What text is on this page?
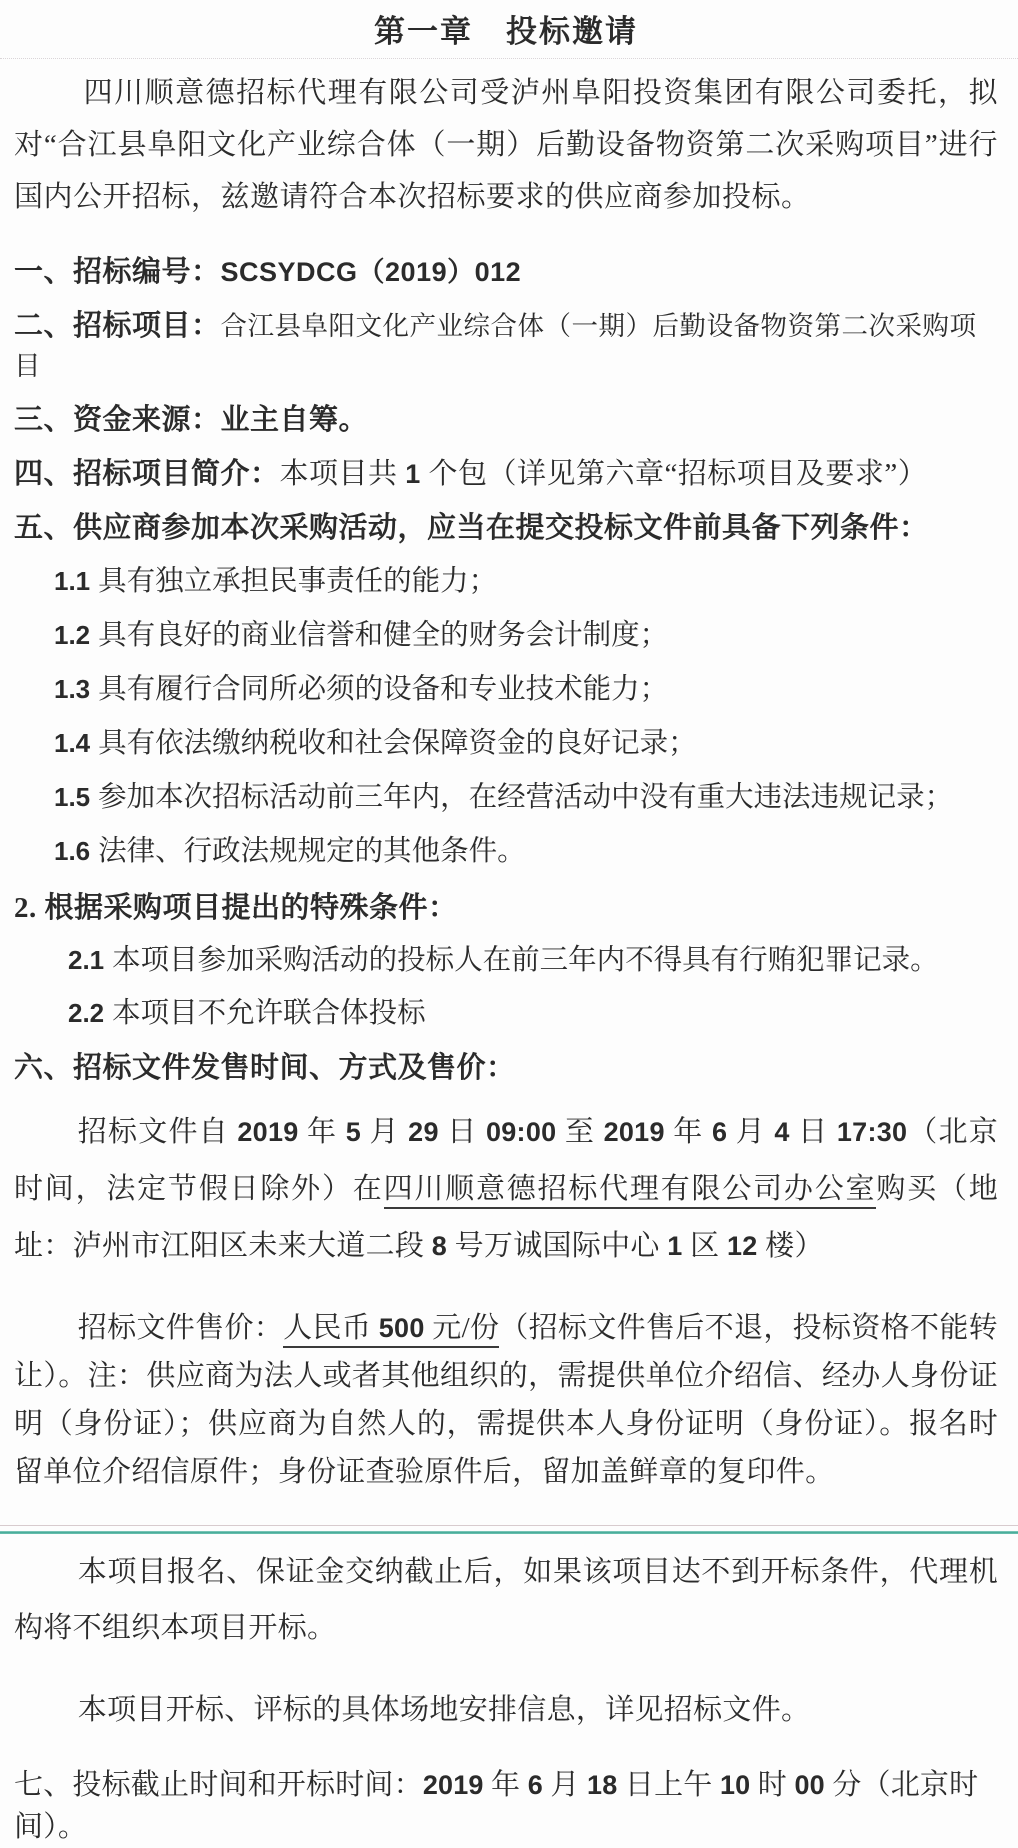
第一章　投标邀请

四川顺意德招标代理有限公司受泸州阜阳投资集团有限公司委托，拟对“合江县阜阳文化产业综合体（一期）后勤设备物资第二次采购项目”进行国内公开招标，兹邀请符合本次招标要求的供应商参加投标。

一、招标编号：SCSYDCG（2019）012
二、招标项目：合江县阜阳文化产业综合体（一期）后勤设备物资第二次采购项目
三、资金来源：业主自筹。
四、招标项目简介：本项目共 1 个包（详见第六章“招标项目及要求”）
五、供应商参加本次采购活动，应当在提交投标文件前具备下列条件：
1.1 具有独立承担民事责任的能力；
1.2 具有良好的商业信誉和健全的财务会计制度；
1.3 具有履行合同所必须的设备和专业技术能力；
1.4 具有依法缴纳税收和社会保障资金的良好记录；
1.5 参加本次招标活动前三年内，在经营活动中没有重大违法违规记录；
1.6 法律、行政法规规定的其他条件。
2. 根据采购项目提出的特殊条件：
2.1 本项目参加采购活动的投标人在前三年内不得具有行贿犯罪记录。
2.2 本项目不允许联合体投标
六、招标文件发售时间、方式及售价：

招标文件自 2019 年 5 月 29 日 09:00 至 2019 年 6 月 4 日 17:30（北京时间，法定节假日除外）在四川顺意德招标代理有限公司办公室购买（地址：泸州市江阳区未来大道二段 8 号万诚国际中心 1 区 12 楼）

招标文件售价：人民币 500 元/份（招标文件售后不退，投标资格不能转让）。注：供应商为法人或者其他组织的，需提供单位介绍信、经办人身份证明（身份证）；供应商为自然人的，需提供本人身份证明（身份证）。报名时留单位介绍信原件；身份证查验原件后，留加盖鲜章的复印件。

本项目报名、保证金交纳截止后，如果该项目达不到开标条件，代理机构将不组织本项目开标。

本项目开标、评标的具体场地安排信息，详见招标文件。

七、投标截止时间和开标时间：2019 年 6 月 18 日上午 10 时 00 分（北京时间）。
